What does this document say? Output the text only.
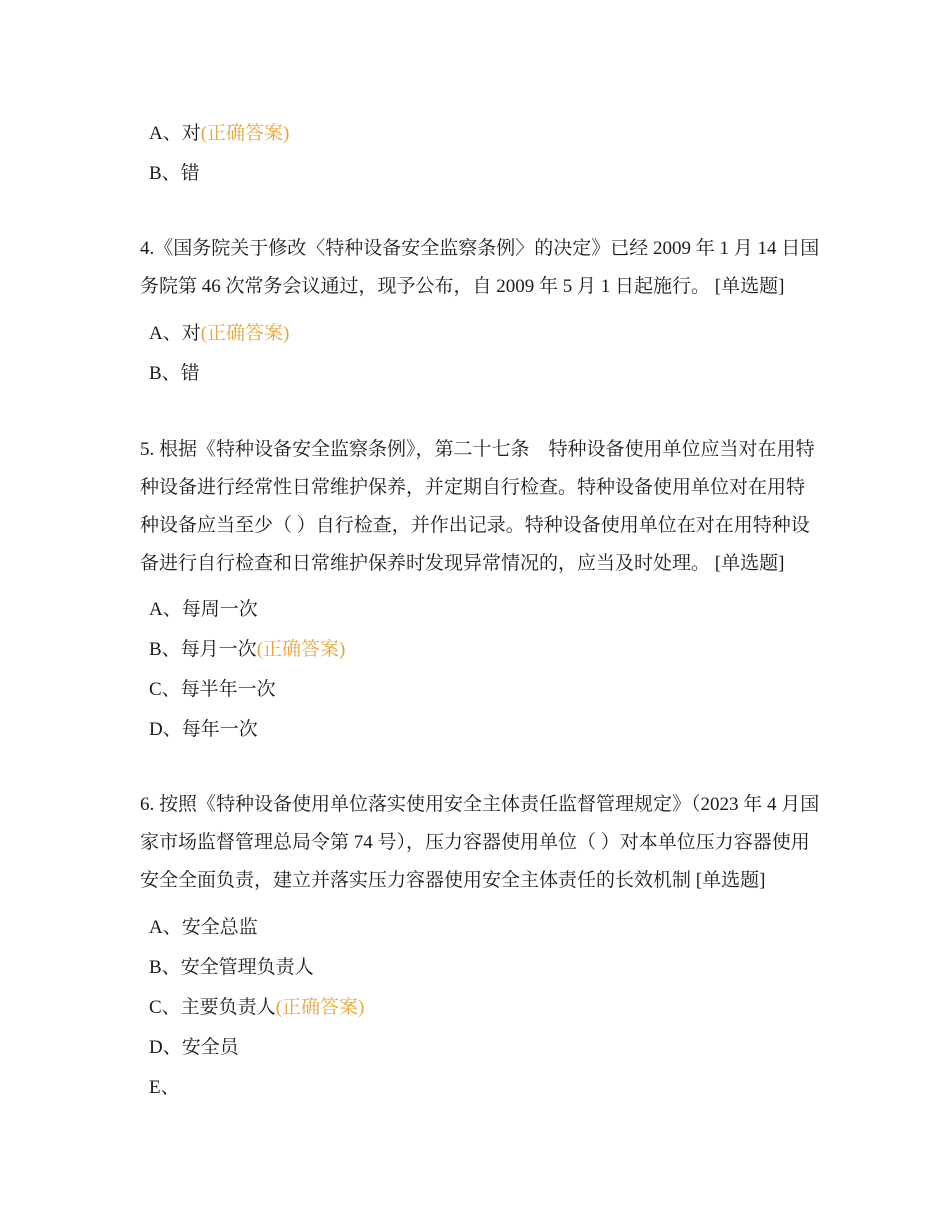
A、对(正确答案)
B、错

4.《国务院关于修改〈特种设备安全监察条例〉的决定》已经 2009 年 1 月 14 日国务院第 46 次常务会议通过，现予公布，自 2009 年 5 月 1 日起施行。 [单选题]

A、对(正确答案)
B、错

5. 根据《特种设备安全监察条例》，第二十七条　特种设备使用单位应当对在用特种设备进行经常性日常维护保养，并定期自行检查。特种设备使用单位对在用特种设备应当至少（ ）自行检查，并作出记录。特种设备使用单位在对在用特种设备进行自行检查和日常维护保养时发现异常情况的，应当及时处理。 [单选题]

A、每周一次
B、每月一次(正确答案)
C、每半年一次
D、每年一次

6. 按照《特种设备使用单位落实使用安全主体责任监督管理规定》（2023 年 4 月国家市场监督管理总局令第 74 号），压力容器使用单位（ ）对本单位压力容器使用安全全面负责，建立并落实压力容器使用安全主体责任的长效机制 [单选题]

A、安全总监
B、安全管理负责人
C、主要负责人(正确答案)
D、安全员
E、
